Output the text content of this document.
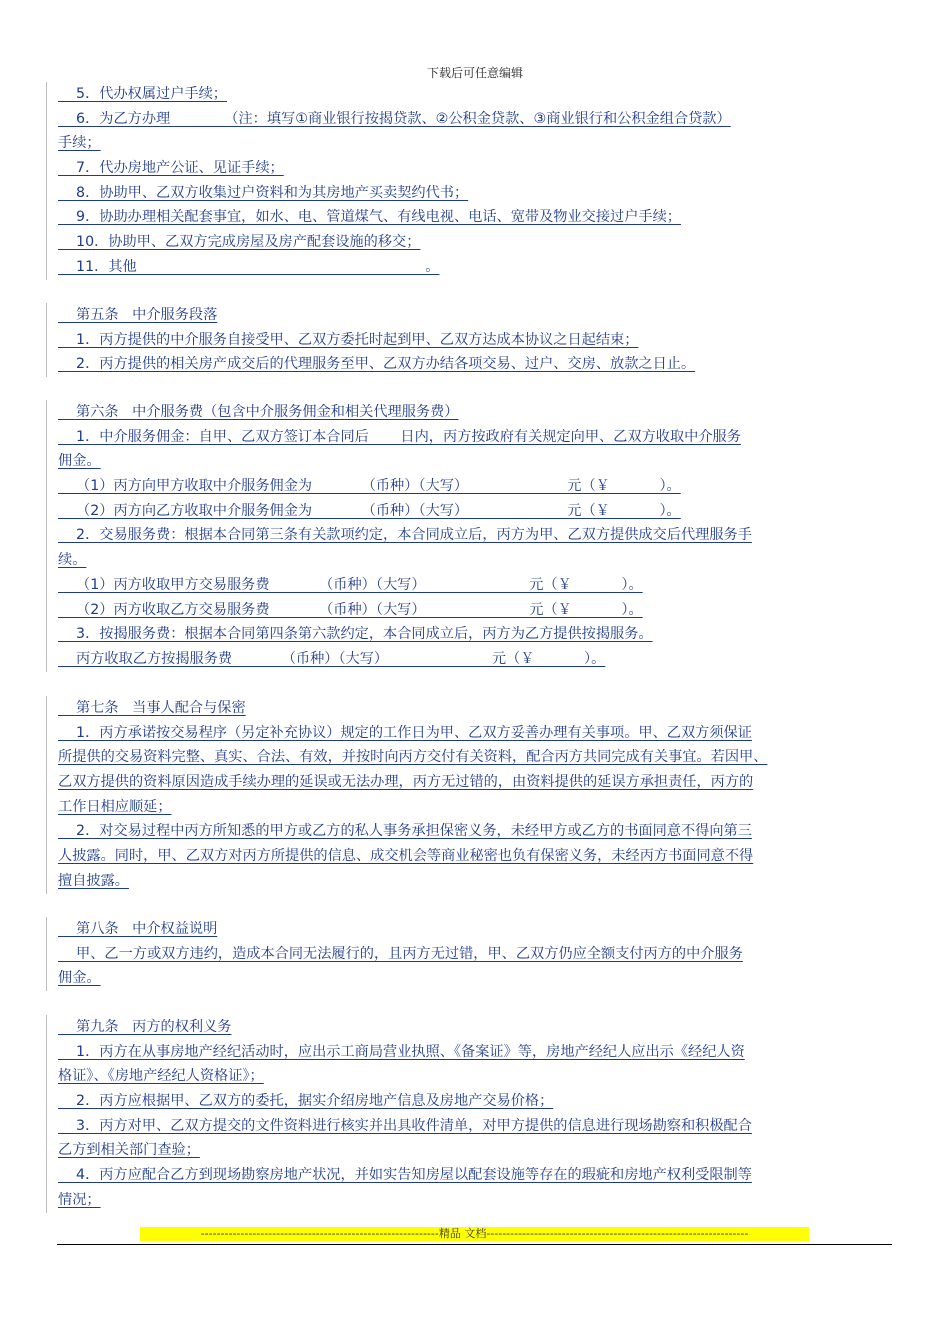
下载后可任意编辑
5．代办权属过户手续；
6．为乙方办理            （注：填写①商业银行按揭贷款、②公积金贷款、③商业银行和公积金组合贷款）
手续；
7．代办房地产公证、见证手续；
8．协助甲、乙双方收集过户资料和为其房地产买卖契约代书；
9．协助办理相关配套事宜，如水、电、管道煤气、有线电视、电话、宽带及物业交接过户手续；
10．协助甲、乙双方完成房屋及房产配套设施的移交；
11．其他                                                                。
第五条   中介服务段落
1．丙方提供的中介服务自接受甲、乙双方委托时起到甲、乙双方达成本协议之日起结束；
2．丙方提供的相关房产成交后的代理服务至甲、乙双方办结各项交易、过户、交房、放款之日止。
第六条   中介服务费（包含中介服务佣金和相关代理服务费）
1．中介服务佣金：自甲、乙双方签订本合同后       日内，丙方按政府有关规定向甲、乙双方收取中介服务
佣金。
（1）丙方向甲方收取中介服务佣金为           （币种）（大写）                      元（￥           ）。
（2）丙方向乙方收取中介服务佣金为           （币种）（大写）                      元（￥           ）。
2．交易服务费：根据本合同第三条有关款项约定，本合同成立后，丙方为甲、乙双方提供成交后代理服务手
续。
（1）丙方收取甲方交易服务费           （币种）（大写）                       元（￥           ）。
（2）丙方收取乙方交易服务费           （币种）（大写）                       元（￥           ）。
3．按揭服务费：根据本合同第四条第六款约定，本合同成立后，丙方为乙方提供按揭服务。
丙方收取乙方按揭服务费           （币种）（大写）                       元（￥           ）。
第七条   当事人配合与保密
1．丙方承诺按交易程序（另定补充协议）规定的工作日为甲、乙双方妥善办理有关事项。甲、乙双方须保证
所提供的交易资料完整、真实、合法、有效，并按时向丙方交付有关资料，配合丙方共同完成有关事宜。若因甲、
乙双方提供的资料原因造成手续办理的延误或无法办理，丙方无过错的，由资料提供的延误方承担责任，丙方的
工作日相应顺延；
2．对交易过程中丙方所知悉的甲方或乙方的私人事务承担保密义务，未经甲方或乙方的书面同意不得向第三
人披露。同时，甲、乙双方对丙方所提供的信息、成交机会等商业秘密也负有保密义务，未经丙方书面同意不得
擅自披露。
第八条   中介权益说明
甲、乙一方或双方违约，造成本合同无法履行的，且丙方无过错，甲、乙双方仍应全额支付丙方的中介服务
佣金。
第九条   丙方的权利义务
1．丙方在从事房地产经纪活动时，应出示工商局营业执照、《备案证》等，房地产经纪人应出示《经纪人资
格证》、《房地产经纪人资格证》；
2．丙方应根据甲、乙双方的委托，据实介绍房地产信息及房地产交易价格；
3．丙方对甲、乙双方提交的文件资料进行核实并出具收件清单，对甲方提供的信息进行现场勘察和积极配合
乙方到相关部门查验；
4．丙方应配合乙方到现场勘察房地产状况，并如实告知房屋以配套设施等存在的瑕疵和房地产权利受限制等
情况；
------------------------------------------------------------精品 文档------------------------------------------------------------------
